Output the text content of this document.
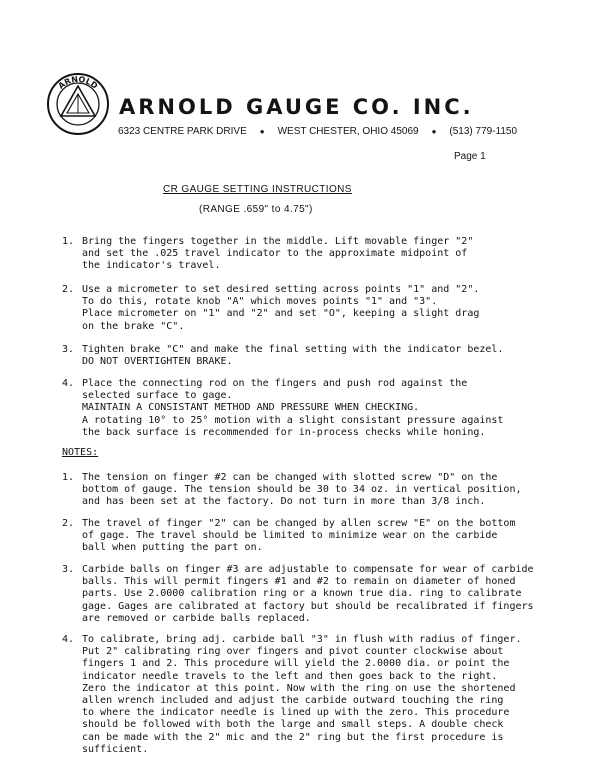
ARNOLD
ARNOLD GAUGE CO. INC.
6323 CENTRE PARK DRIVE ● WEST CHESTER, OHIO 45069 ● (513) 779-1150
Page 1
CR GAUGE SETTING INSTRUCTIONS
(RANGE .659" to 4.75")
1. Bring the fingers together in the middle. Lift movable finger "2"
and set the .025 travel indicator to the approximate midpoint of
the indicator's travel.
2. Use a micrometer to set desired setting across points "1" and "2".
To do this, rotate knob "A" which moves points "1" and "3".
Place micrometer on "1" and "2" and set "O", keeping a slight drag
on the brake "C".
3. Tighten brake "C" and make the final setting with the indicator bezel.
DO NOT OVERTIGHTEN BRAKE.
4. Place the connecting rod on the fingers and push rod against the
selected surface to gage.
MAINTAIN A CONSISTANT METHOD AND PRESSURE WHEN CHECKING.
A rotating 10° to 25° motion with a slight consistant pressure against
the back surface is recommended for in-process checks while honing.
NOTES:
1. The tension on finger #2 can be changed with slotted screw "D" on the
bottom of gauge. The tension should be 30 to 34 oz. in vertical position,
and has been set at the factory. Do not turn in more than 3/8 inch.
2. The travel of finger "2" can be changed by allen screw "E" on the bottom
of gage. The travel should be limited to minimize wear on the carbide
ball when putting the part on.
3. Carbide balls on finger #3 are adjustable to compensate for wear of carbide
balls. This will permit fingers #1 and #2 to remain on diameter of honed
parts. Use 2.0000 calibration ring or a known true dia. ring to calibrate
gage. Gages are calibrated at factory but should be recalibrated if fingers
are removed or carbide balls replaced.
4. To calibrate, bring adj. carbide ball "3" in flush with radius of finger.
Put 2" calibrating ring over fingers and pivot counter clockwise about
fingers 1 and 2. This procedure will yield the 2.0000 dia. or point the
indicator needle travels to the left and then goes back to the right.
Zero the indicator at this point. Now with the ring on use the shortened
allen wrench included and adjust the carbide outward touching the ring
to where the indicator needle is lined up with the zero. This procedure
should be followed with both the large and small steps. A double check
can be made with the 2" mic and the 2" ring but the first procedure is
sufficient.
